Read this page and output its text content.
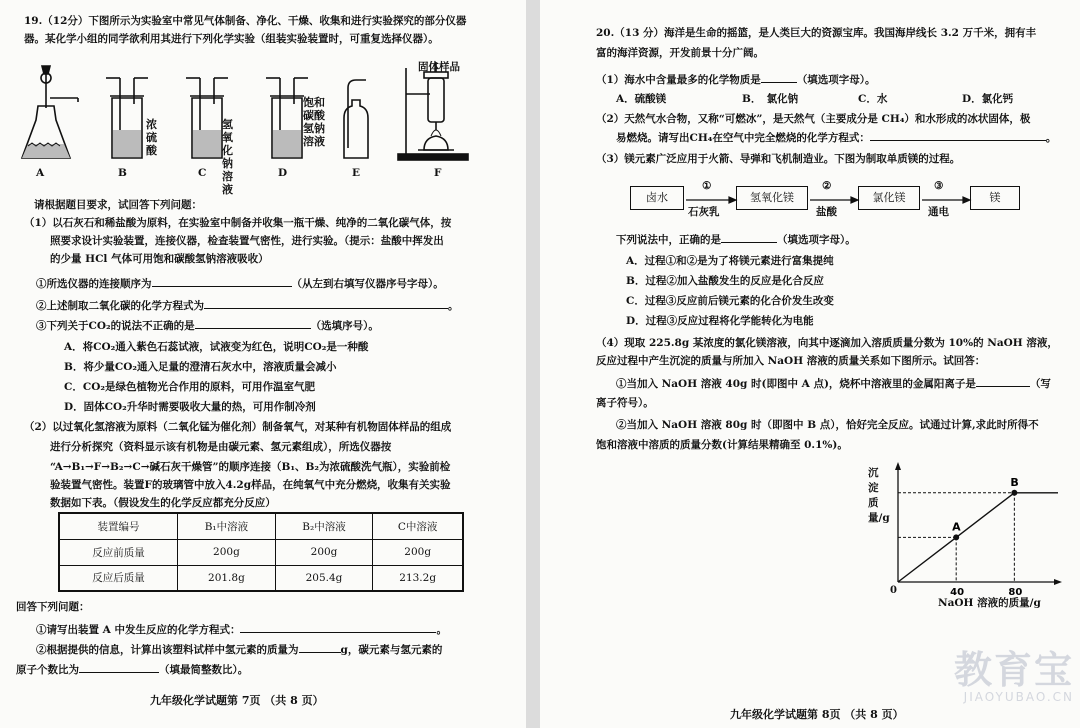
19.（12分）下图所示为实验室中常见气体制备、净化、干燥、收集和进行实验探究的部分仪器
器。某化学小组的同学欲利用其进行下列化学实验（组装实验装置时，可重复选择仪器）。
A	B	C	D	E	F
浓硫酸
氢氧化钠溶液
饱和碳酸氢钠溶液
固体样品
请根据题目要求，试回答下列问题：
（1）以石灰石和稀盐酸为原料，在实验室中制备并收集一瓶干燥、纯净的二氧化碳气体，按
照要求设计实验装置，连接仪器，检查装置气密性，进行实验。（提示：盐酸中挥发出
的少量 HCl 气体可用饱和碳酸氢钠溶液吸收）
①所选仪器的连接顺序为	（从左到右填写仪器序号字母）。
②上述制取二氧化碳的化学方程式为	。
③下列关于CO₂的说法不正确的是	（选填序号）。
A．将CO₂通入紫色石蕊试液，试液变为红色，说明CO₂是一种酸
B．将少量CO₂通入足量的澄清石灰水中，溶液质量会减小
C．CO₂是绿色植物光合作用的原料，可用作温室气肥
D．固体CO₂升华时需要吸收大量的热，可用作制冷剂
（2）以过氧化氢溶液为原料（二氧化锰为催化剂）制备氧气，对某种有机物固体样品的组成
进行分析探究（资料显示该有机物是由碳元素、氢元素组成），所选仪器按
“A→B₁→F→B₂→C→碱石灰干燥管”的顺序连接（B₁、B₂为浓硫酸洗气瓶），实验前检
验装置气密性。装置F的玻璃管中放入4.2g样品，在纯氧气中充分燃烧，收集有关实验
数据如下表。（假设发生的化学反应都充分反应）
装置编号	B₁中溶液	B₂中溶液	C中溶液
反应前质量	200g	200g	200g
反应后质量	201.8g	205.4g	213.2g
回答下列问题：
①请写出装置 A 中发生反应的化学方程式：	。
②根据提供的信息，计算出该塑料试样中氢元素的质量为	g，碳元素与氢元素的
原子个数比为	（填最简整数比）。
九年级化学试题第 7页 （共 8 页）
20.（13 分）海洋是生命的摇篮，是人类巨大的资源宝库。我国海岸线长 3.2 万千米，拥有丰
富的海洋资源，开发前景十分广阔。
（1）海水中含量最多的化学物质是	（填选项字母）。
A．硫酸镁	B．　氯化钠	C．水	D．氯化钙
（2）天然气水合物，又称“可燃冰”，是天然气（主要成分是 CH₄）和水形成的冰状固体，极
易燃烧。请写出CH₄在空气中完全燃烧的化学方程式：	。
（3）镁元素广泛应用于火箭、导弹和飞机制造业。下图为制取单质镁的过程。
卤水	氢氧化镁	氯化镁	镁
①	②	③
石灰乳	盐酸	通电
下列说法中，正确的是	（填选项字母）。
A．过程①和②是为了将镁元素进行富集提纯
B．过程②加入盐酸发生的反应是化合反应
C．过程③反应前后镁元素的化合价发生改变
D．过程③反应过程将化学能转化为电能
（4）现取 225.8g 某浓度的氯化镁溶液，向其中逐滴加入溶质质量分数为 10%的 NaOH 溶液，
反应过程中产生沉淀的质量与所加入 NaOH 溶液的质量关系如下图所示。试回答：
①当加入 NaOH 溶液 40g 时(即图中 A 点)，烧杯中溶液里的金属阳离子是	（写
离子符号）。
②当加入 NaOH 溶液 80g 时（即图中 B 点），恰好完全反应。试通过计算,求此时所得不
饱和溶液中溶质的质量分数(计算结果精确至 0.1%)。
A
B
40	80
沉淀质量/g
NaOH 溶液的质量/g
0
九年级化学试题第 8页 （共 8 页）
教育宝
JIAOYUBAO.CN
